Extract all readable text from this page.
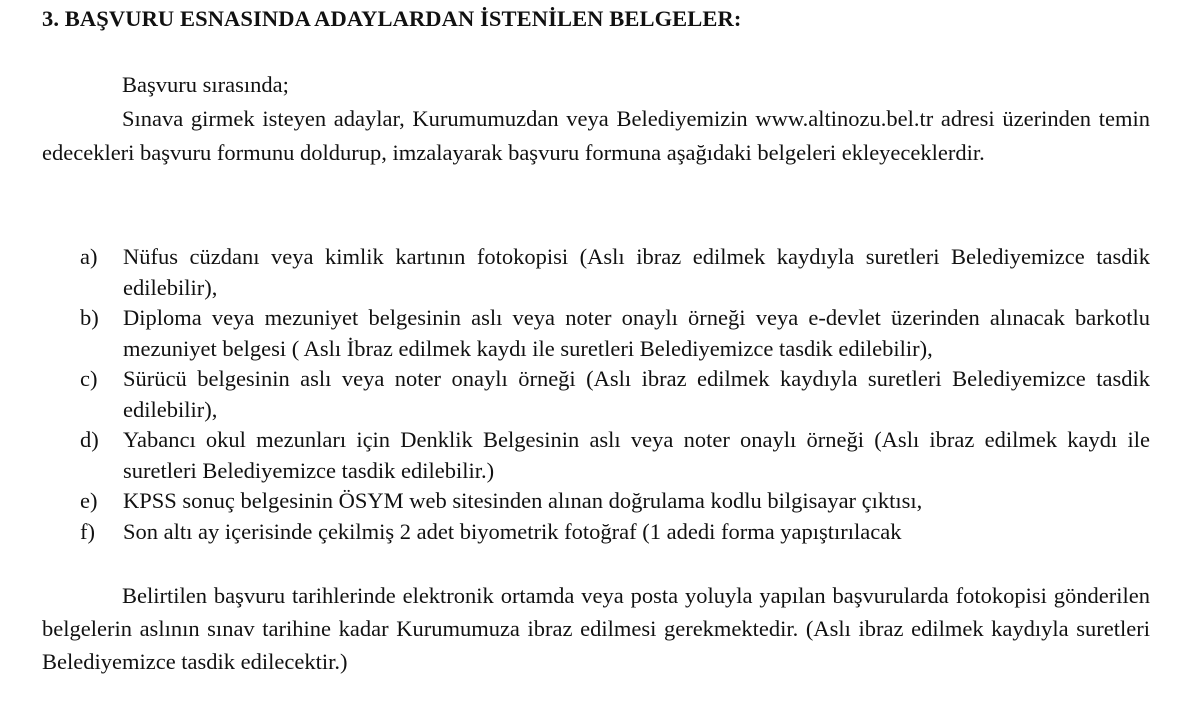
3. BAŞVURU ESNASINDA ADAYLARDAN İSTENİLEN BELGELER:

Başvuru sırasında;

Sınava girmek isteyen adaylar, Kurumumuzdan veya Belediyemizin www.altinozu.bel.tr adresi üzerinden temin edecekleri başvuru formunu doldurup, imzalayarak başvuru formuna aşağıdaki belgeleri ekleyeceklerdir.

a) Nüfus cüzdanı veya kimlik kartının fotokopisi (Aslı ibraz edilmek kaydıyla suretleri Belediyemizce tasdik edilebilir),
b) Diploma veya mezuniyet belgesinin aslı veya noter onaylı örneği veya e-devlet üzerinden alınacak barkotlu mezuniyet belgesi ( Aslı İbraz edilmek kaydı ile suretleri Belediyemizce tasdik edilebilir),
c) Sürücü belgesinin aslı veya noter onaylı örneği (Aslı ibraz edilmek kaydıyla suretleri Belediyemizce tasdik edilebilir),
d) Yabancı okul mezunları için Denklik Belgesinin aslı veya noter onaylı örneği (Aslı ibraz edilmek kaydı ile suretleri Belediyemizce tasdik edilebilir.)
e) KPSS sonuç belgesinin ÖSYM web sitesinden alınan doğrulama kodlu bilgisayar çıktısı,
f) Son altı ay içerisinde çekilmiş 2 adet biyometrik fotoğraf (1 adedi forma yapıştırılacak

Belirtilen başvuru tarihlerinde elektronik ortamda veya posta yoluyla yapılan başvurularda fotokopisi gönderilen belgelerin aslının sınav tarihine kadar Kurumumuza ibraz edilmesi gerekmektedir. (Aslı ibraz edilmek kaydıyla suretleri Belediyemizce tasdik edilecektir.)
